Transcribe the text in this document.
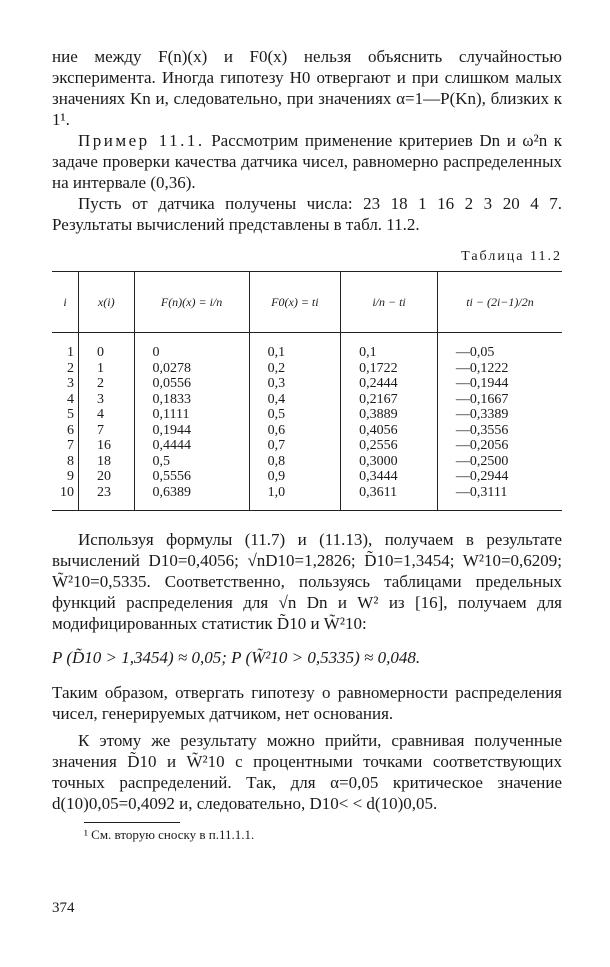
ние между F(n)(x) и F0(x) нельзя объяснить случайностью эксперимента. Иногда гипотезу H0 отвергают и при слишком малых значениях Kn и, следовательно, при значениях α=1—P(Kn), близких к 1¹.

Пример 11.1. Рассмотрим применение критериев Dn и ω²n к задаче проверки качества датчика чисел, равномерно распределенных на интервале (0,36).

Пусть от датчика получены числа: 23 18 1 16 2 3 20 4 7. Результаты вычислений представлены в табл. 11.2.

Таблица 11.2
i	x(i)	F(n)(x) = i/n	F0(x) = ti	i/n − ti	ti − (2i−1)/2n
1	0	0	0,1	0,1	—0,05
2	1	0,0278	0,2	0,1722	—0,1222
3	2	0,0556	0,3	0,2444	—0,1944
4	3	0,1833	0,4	0,2167	—0,1667
5	4	0,1111	0,5	0,3889	—0,3389
6	7	0,1944	0,6	0,4056	—0,3556
7	16	0,4444	0,7	0,2556	—0,2056
8	18	0,5	0,8	0,3000	—0,2500
9	20	0,5556	0,9	0,3444	—0,2944
10	23	0,6389	1,0	0,3611	—0,3111

Используя формулы (11.7) и (11.13), получаем в результате вычислений D10=0,4056; √nD10=1,2826; D̃10=1,3454; W²10=0,6209; W̃²10=0,5335. Соответственно, пользуясь таблицами предельных функций распределения для √n Dn и W² из [16], получаем для модифицированных статистик D̃10 и W̃²10:

P (D̃10 > 1,3454) ≈ 0,05; P (W̃²10 > 0,5335) ≈ 0,048.

Таким образом, отвергать гипотезу о равномерности распределения чисел, генерируемых датчиком, нет основания.

К этому же результату можно прийти, сравнивая полученные значения D̃10 и W̃²10 с процентными точками соответствующих точных распределений. Так, для α=0,05 критическое значение d(10)0,05=0,4092 и, следовательно, D10< < d(10)0,05.

¹ См. вторую сноску в п.11.1.1.
374
